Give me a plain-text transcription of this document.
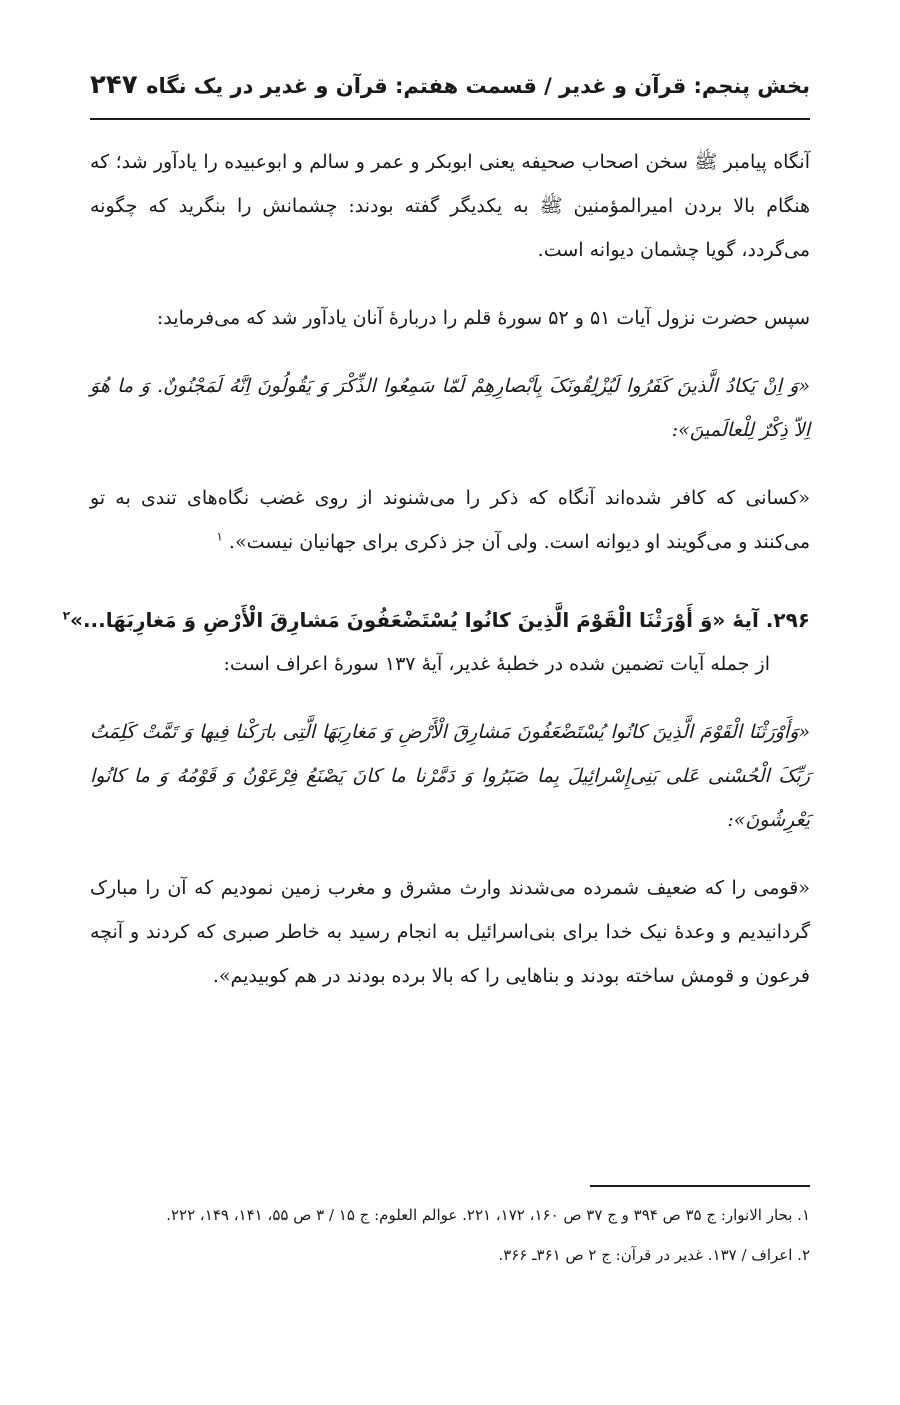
بخش پنجم: قرآن و غدیر / قسمت هفتم: قرآن و غدیر در یک نگاه
۲۴۷

آنگاه پیامبر ﷺ سخن اصحاب صحیفه یعنی ابوبکر و عمر و سالم و ابوعبیده را یادآور شد؛ که هنگام بالا بردن امیرالمؤمنین ﷺ به یکدیگر گفته بودند: چشمانش را بنگرید که چگونه می‌گردد، گویا چشمان دیوانه است.

سپس حضرت نزول آیات ۵۱ و ۵۲ سورهٔ قلم را دربارهٔ آنان یادآور شد که می‌فرماید:

«وَ اِنْ یَکادُ الَّذینَ کَفَرُوا لَیُزْلِقُونَکَ بِاَبْصارِهِمْ لَمّا سَمِعُوا الذِّکْرَ وَ یَقُولُونَ اِنَّهُ لَمَجْنُونٌ. وَ ما هُوَ اِلاّ ذِکْرٌ لِلْعالَمینَ»:

«کسانی که کافر شده‌اند آنگاه که ذکر را می‌شنوند از روی غضب نگاه‌های تندی به تو می‌کنند و می‌گویند او دیوانه است. ولی آن جز ذکری برای جهانیان نیست». $^۱$

۲۹۶. آیهٔ «وَ أَوْرَثْنَا الْقَوْمَ الَّذِینَ کانُوا یُسْتَضْعَفُونَ مَشارِقَ الْأَرْضِ وَ مَغارِبَهَا...»$^۲$

از جمله آیات تضمین شده در خطبهٔ غدیر، آیهٔ ۱۳۷ سورهٔ اعراف است:

«وَأَوْرَثْنَا الْقَوْمَ الَّذِینَ کانُوا یُسْتَضْعَفُونَ مَشارِقَ الْأَرْضِ وَ مَغارِبَهَا الَّتِی بارَکْنا فِیها وَ تَمَّتْ کَلِمَتُ رَبِّکَ الْحُسْنی عَلی بَنِی‌إِسْرائِیلَ بِما صَبَرُوا وَ دَمَّرْنا ما کانَ یَصْنَعُ فِرْعَوْنُ وَ قَوْمُهُ وَ ما کانُوا یَعْرِشُونَ»:

«قومی را که ضعیف شمرده می‌شدند وارث مشرق و مغرب زمین نمودیم که آن را مبارک گردانیدیم و وعدهٔ نیک خدا برای بنی‌اسرائیل به انجام رسید به خاطر صبری که کردند و آنچه فرعون و قومش ساخته بودند و بناهایی را که بالا برده بودند در هم کوبیدیم».

۱. بحار الانوار: ج ۳۵ ص ۳۹۴ و ج ۳۷ ص ۱۶۰، ۱۷۲، ۲۲۱. عوالم العلوم: ج ۱۵ / ۳ ص ۵۵، ۱۴۱، ۱۴۹، ۲۲۲.

۲. اعراف / ۱۳۷. غدیر در قرآن: ج ۲ ص ۳۶۱ـ ۳۶۶.
